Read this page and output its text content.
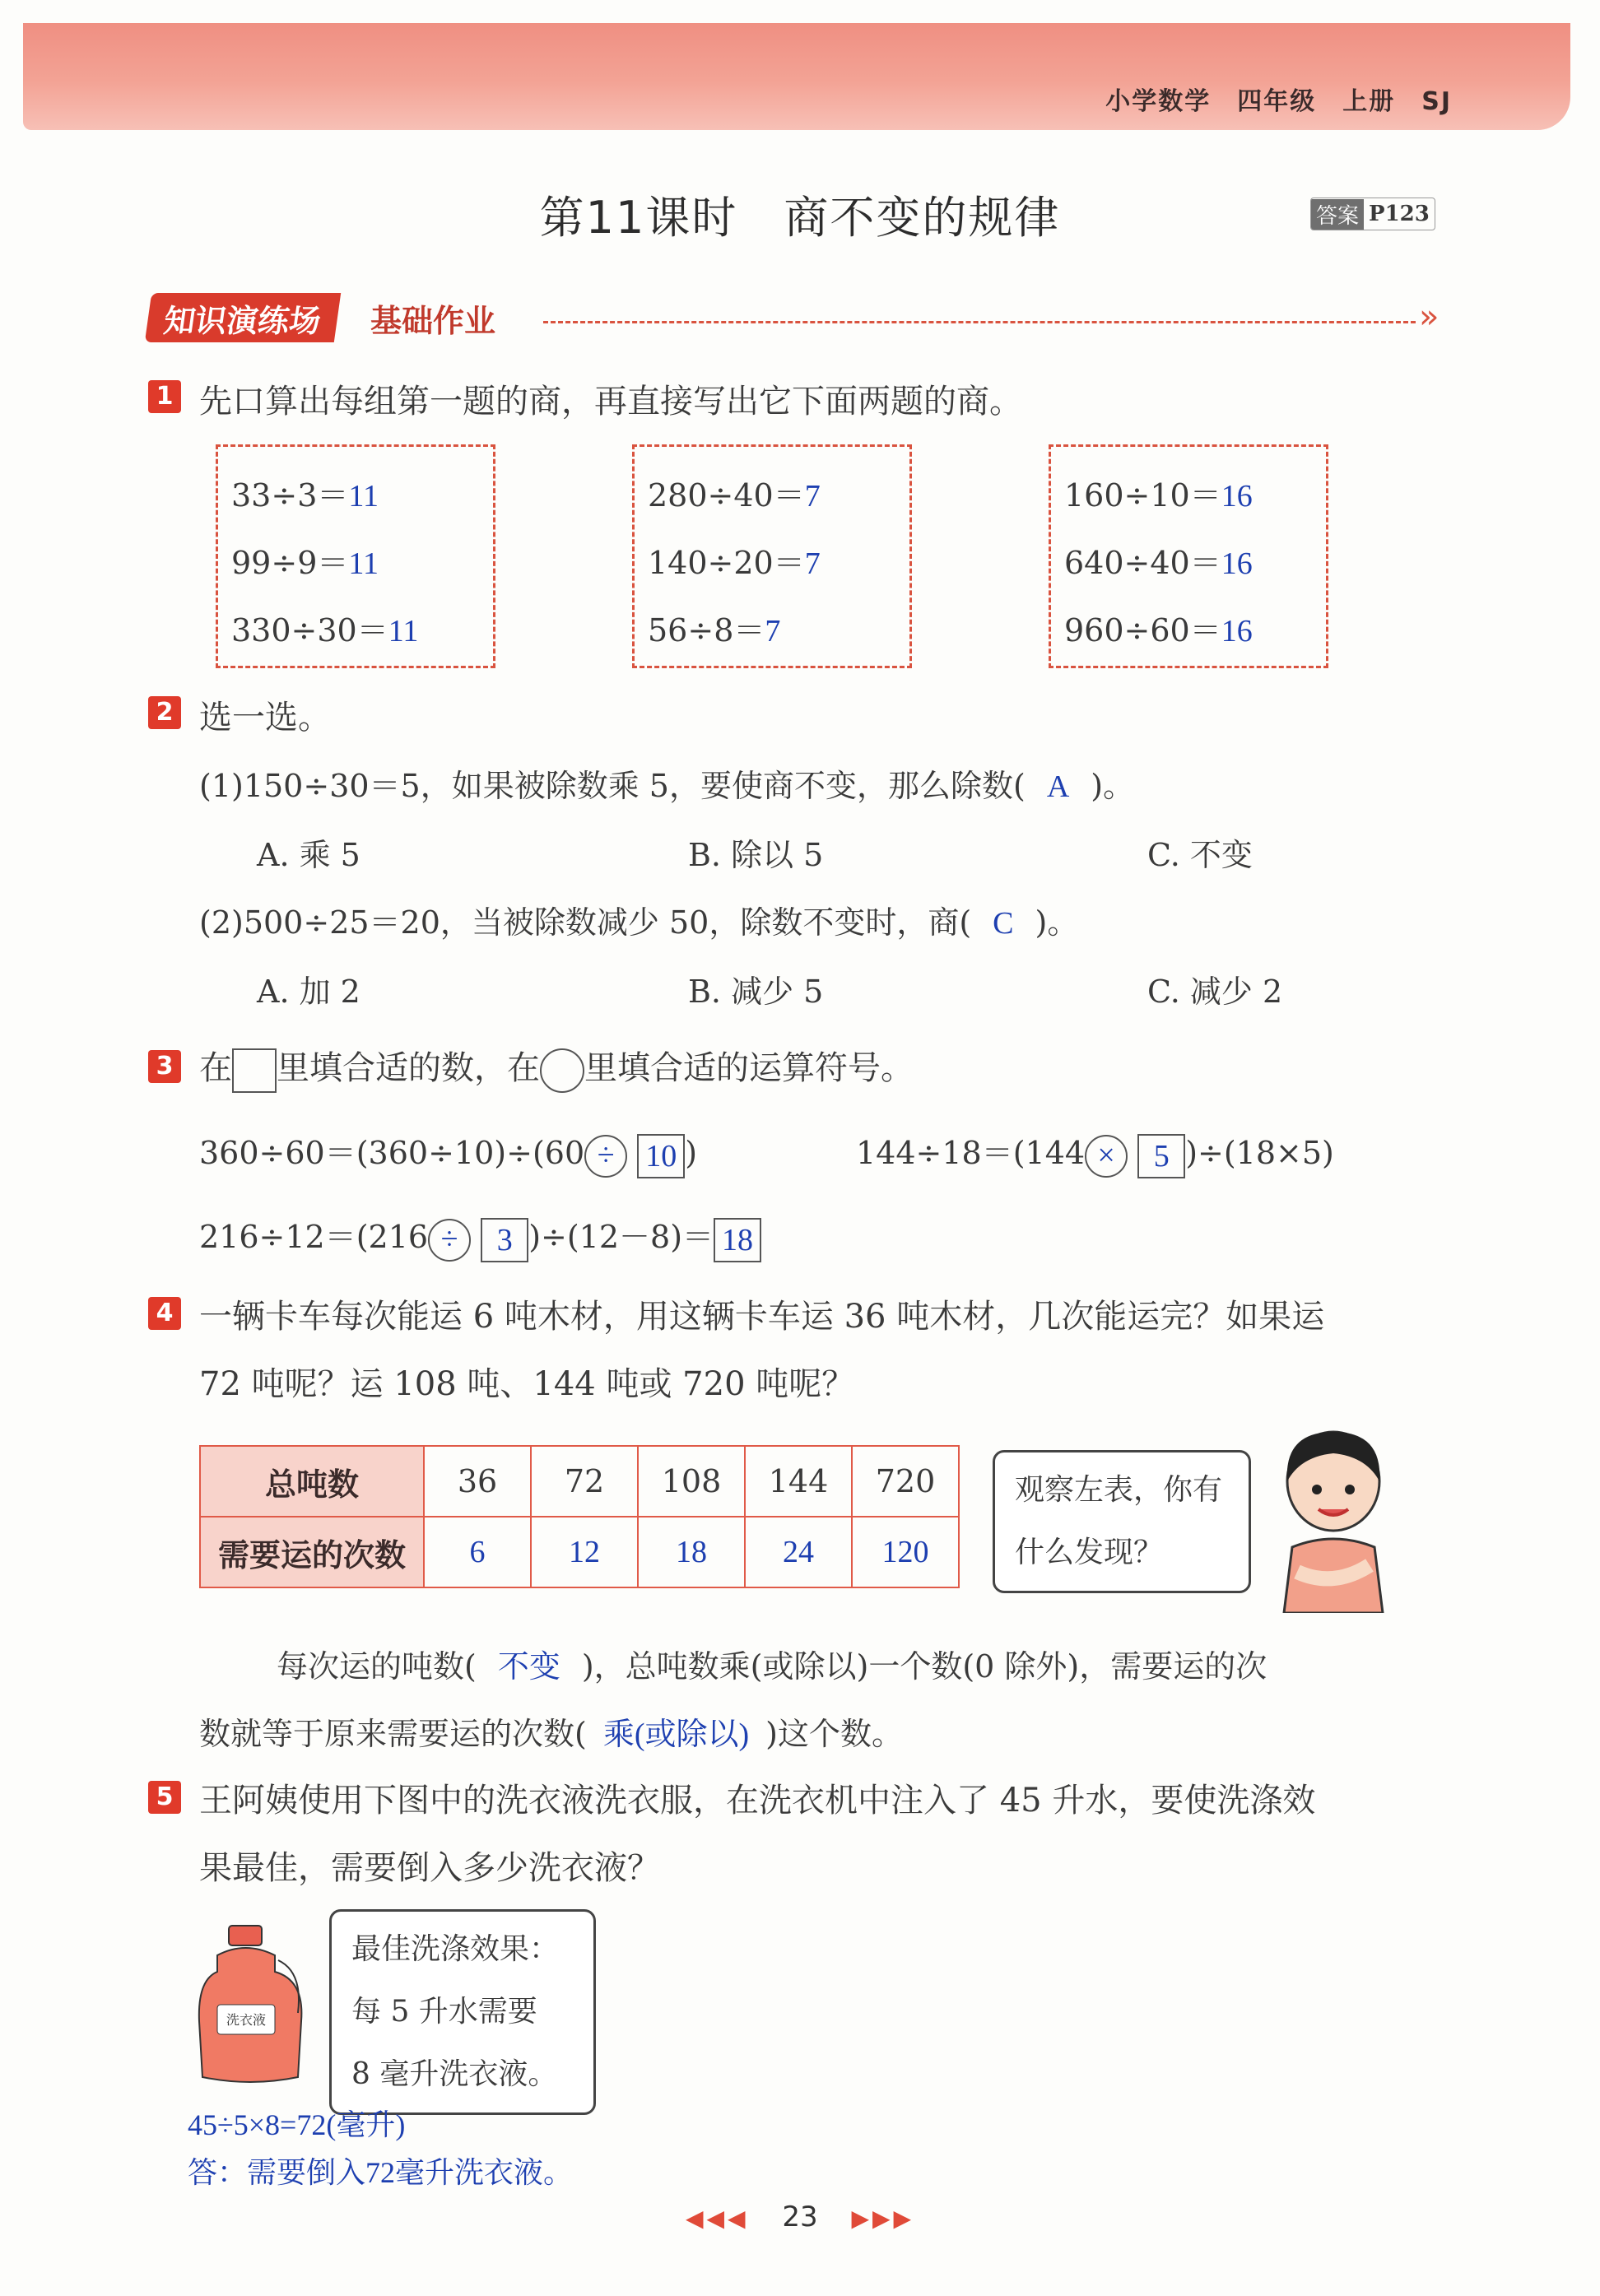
小学数学　四年级　上册　SJ
第11课时　商不变的规律	答案 P123
知识演练场	基础作业	»
1 先口算出每组第一题的商，再直接写出它下面两题的商。
33÷3＝11
99÷9＝11
330÷30＝11
280÷40＝7
140÷20＝7
56÷8＝7
160÷10＝16
640÷40＝16
960÷60＝16
2 选一选。
(1)150÷30＝5，如果被除数乘 5，要使商不变，那么除数( A )。
A. 乘 5	B. 除以 5	C. 不变
(2)500÷25＝20，当被除数减少 50，除数不变时，商( C )。
A. 加 2	B. 减少 5	C. 减少 2
3 在 里填合适的数，在 里填合适的运算符号。
360÷60＝(360÷10)÷(60 ÷ 10 )	144÷18＝(144 × 5 )÷(18×5)
216÷12＝(216 ÷ 3 )÷(12－8)＝ 18
4 一辆卡车每次能运 6 吨木材，用这辆卡车运 36 吨木材，几次能运完？如果运
72 吨呢？运 108 吨、144 吨或 720 吨呢？
总吨数	36	72	108	144	720
需要运的次数	6	12	18	24	120
观察左表，你有
什么发现？
每次运的吨数( 不变 )，总吨数乘(或除以)一个数(0 除外)，需要运的次
数就等于原来需要运的次数( 乘(或除以) )这个数。
5 王阿姨使用下图中的洗衣液洗衣服，在洗衣机中注入了 45 升水，要使洗涤效
果最佳，需要倒入多少洗衣液？
洗衣液
最佳洗涤效果：
每 5 升水需要
8 毫升洗衣液。
45÷5×8=72(毫升)
答：需要倒入72毫升洗衣液。
◀◀◀ 23 ▶▶▶
